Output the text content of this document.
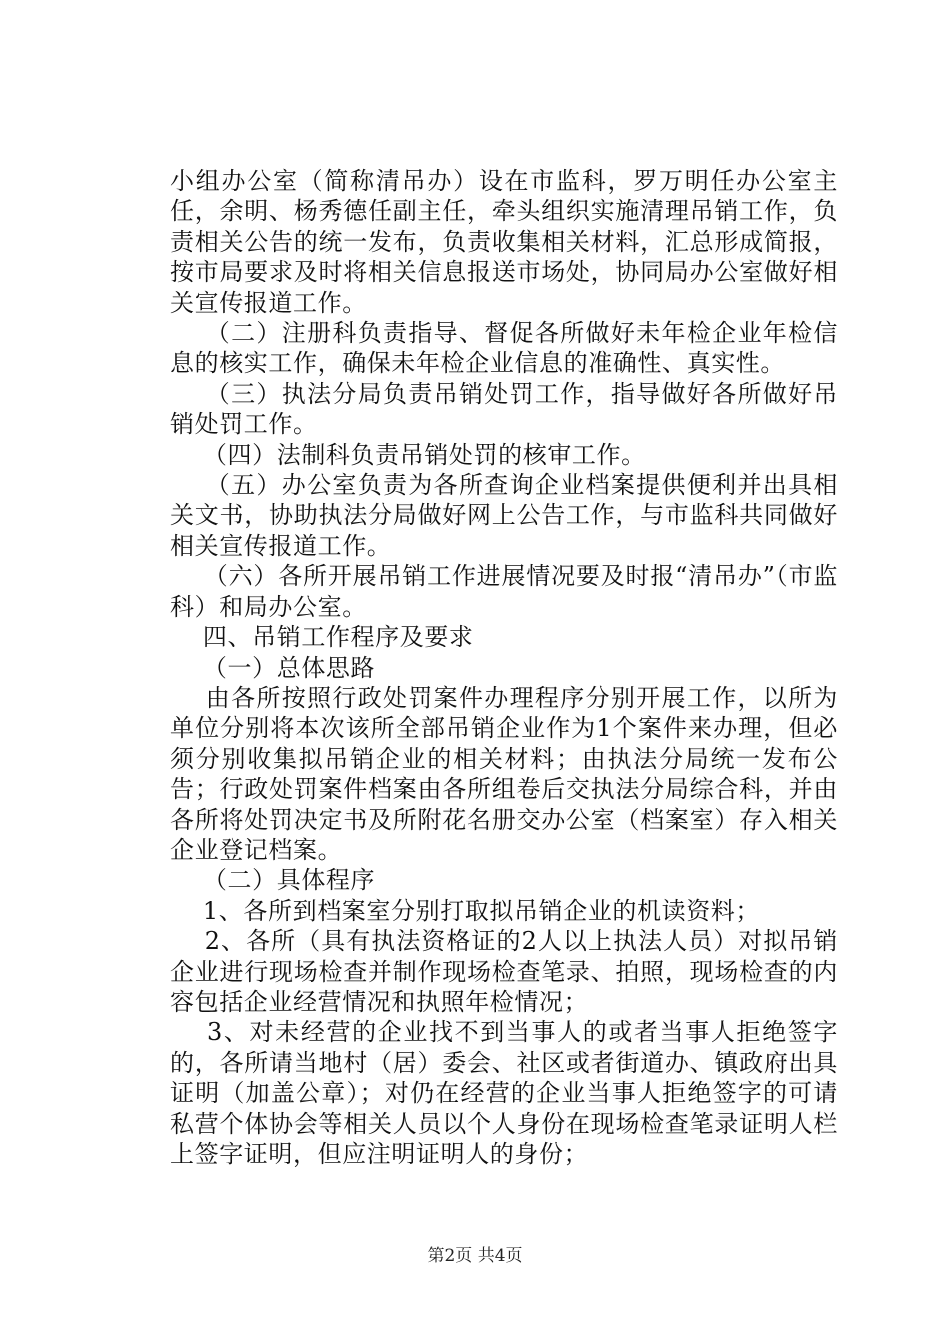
小组办公室（简称清吊办）设在市监科，罗万明任办公室主任，余明、杨秀德任副主任，牵头组织实施清理吊销工作，负责相关公告的统一发布，负责收集相关材料，汇总形成简报，按市局要求及时将相关信息报送市场处，协同局办公室做好相关宣传报道工作。

（二）注册科负责指导、督促各所做好未年检企业年检信息的核实工作，确保未年检企业信息的准确性、真实性。

（三）执法分局负责吊销处罚工作，指导做好各所做好吊销处罚工作。

（四）法制科负责吊销处罚的核审工作。

（五）办公室负责为各所查询企业档案提供便利并出具相关文书，协助执法分局做好网上公告工作，与市监科共同做好相关宣传报道工作。

（六）各所开展吊销工作进展情况要及时报“清吊办”（市监科）和局办公室。

四、吊销工作程序及要求

（一）总体思路

由各所按照行政处罚案件办理程序分别开展工作，以所为单位分别将本次该所全部吊销企业作为1个案件来办理，但必须分别收集拟吊销企业的相关材料；由执法分局统一发布公告；行政处罚案件档案由各所组卷后交执法分局综合科，并由各所将处罚决定书及所附花名册交办公室（档案室）存入相关企业登记档案。

（二）具体程序

1、各所到档案室分别打取拟吊销企业的机读资料；

2、各所（具有执法资格证的2人以上执法人员）对拟吊销企业进行现场检查并制作现场检查笔录、拍照，现场检查的内容包括企业经营情况和执照年检情况；

3、对未经营的企业找不到当事人的或者当事人拒绝签字的，各所请当地村（居）委会、社区或者街道办、镇政府出具证明（加盖公章）；对仍在经营的企业当事人拒绝签字的可请私营个体协会等相关人员以个人身份在现场检查笔录证明人栏上签字证明，但应注明证明人的身份；

第2页 共4页
